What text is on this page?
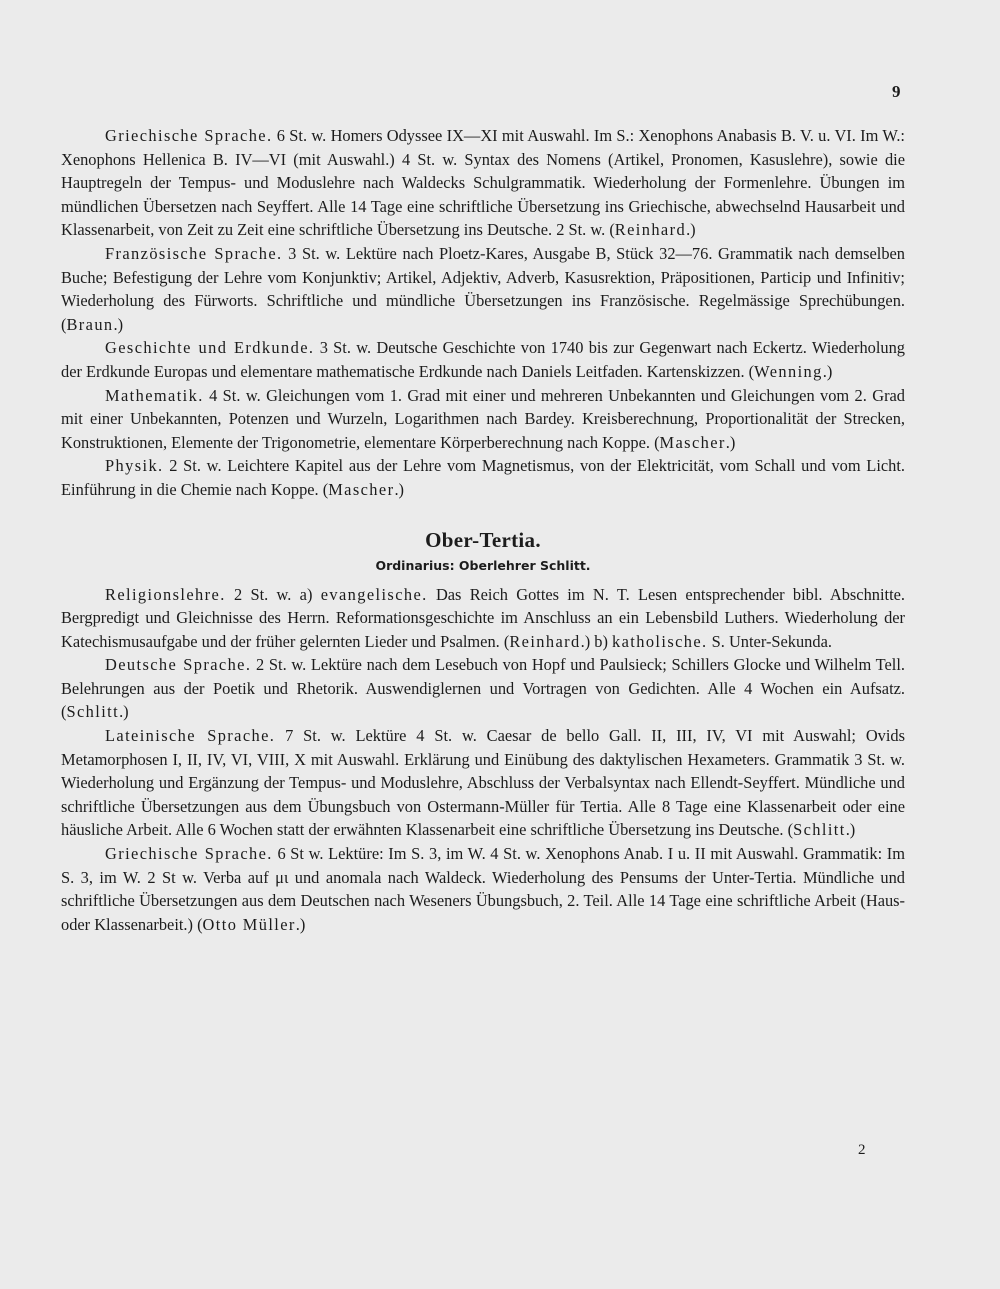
9

Griechische Sprache. 6 St. w. Homers Odyssee IX—XI mit Auswahl. Im S.: Xenophons Anabasis B. V. u. VI. Im W.: Xenophons Hellenica B. IV—VI (mit Auswahl.) 4 St. w. Syntax des Nomens (Artikel, Pronomen, Kasuslehre), sowie die Hauptregeln der Tempus- und Moduslehre nach Waldecks Schulgrammatik. Wiederholung der Formenlehre. Übungen im mündlichen Übersetzen nach Seyffert. Alle 14 Tage eine schriftliche Übersetzung ins Griechische, abwechselnd Hausarbeit und Klassenarbeit, von Zeit zu Zeit eine schriftliche Übersetzung ins Deutsche. 2 St. w. (Reinhard.)

Französische Sprache. 3 St. w. Lektüre nach Ploetz-Kares, Ausgabe B, Stück 32—76. Grammatik nach demselben Buche; Befestigung der Lehre vom Konjunktiv; Artikel, Adjektiv, Adverb, Kasusrektion, Präpositionen, Particip und Infinitiv; Wiederholung des Fürworts. Schriftliche und mündliche Übersetzungen ins Französische. Regelmässige Sprechübungen. (Braun.)

Geschichte und Erdkunde. 3 St. w. Deutsche Geschichte von 1740 bis zur Gegenwart nach Eckertz. Wiederholung der Erdkunde Europas und elementare mathematische Erdkunde nach Daniels Leitfaden. Kartenskizzen. (Wenning.)

Mathematik. 4 St. w. Gleichungen vom 1. Grad mit einer und mehreren Unbekannten und Gleichungen vom 2. Grad mit einer Unbekannten, Potenzen und Wurzeln, Logarithmen nach Bardey. Kreisberechnung, Proportionalität der Strecken, Konstruktionen, Elemente der Trigonometrie, elementare Körperberechnung nach Koppe. (Mascher.)

Physik. 2 St. w. Leichtere Kapitel aus der Lehre vom Magnetismus, von der Elektricität, vom Schall und vom Licht. Einführung in die Chemie nach Koppe. (Mascher.)

Ober-Tertia.
Ordinarius: Oberlehrer Schlitt.

Religionslehre. 2 St. w. a) evangelische. Das Reich Gottes im N. T. Lesen entsprechender bibl. Abschnitte. Bergpredigt und Gleichnisse des Herrn. Reformationsgeschichte im Anschluss an ein Lebensbild Luthers. Wiederholung der Katechismusaufgabe und der früher gelernten Lieder und Psalmen. (Reinhard.) b) katholische. S. Unter-Sekunda.

Deutsche Sprache. 2 St. w. Lektüre nach dem Lesebuch von Hopf und Paulsieck; Schillers Glocke und Wilhelm Tell. Belehrungen aus der Poetik und Rhetorik. Auswendiglernen und Vortragen von Gedichten. Alle 4 Wochen ein Aufsatz. (Schlitt.)

Lateinische Sprache. 7 St. w. Lektüre 4 St. w. Caesar de bello Gall. II, III, IV, VI mit Auswahl; Ovids Metamorphosen I, II, IV, VI, VIII, X mit Auswahl. Erklärung und Einübung des daktylischen Hexameters. Grammatik 3 St. w. Wiederholung und Ergänzung der Tempus- und Moduslehre, Abschluss der Verbalsyntax nach Ellendt-Seyffert. Mündliche und schriftliche Übersetzungen aus dem Übungsbuch von Ostermann-Müller für Tertia. Alle 8 Tage eine Klassenarbeit oder eine häusliche Arbeit. Alle 6 Wochen statt der erwähnten Klassenarbeit eine schriftliche Übersetzung ins Deutsche. (Schlitt.)

Griechische Sprache. 6 St w. Lektüre: Im S. 3, im W. 4 St. w. Xenophons Anab. I u. II mit Auswahl. Grammatik: Im S. 3, im W. 2 St w. Verba auf μι und anomala nach Waldeck. Wiederholung des Pensums der Unter-Tertia. Mündliche und schriftliche Übersetzungen aus dem Deutschen nach Weseners Übungsbuch, 2. Teil. Alle 14 Tage eine schriftliche Arbeit (Haus- oder Klassenarbeit.) (Otto Müller.)

2
